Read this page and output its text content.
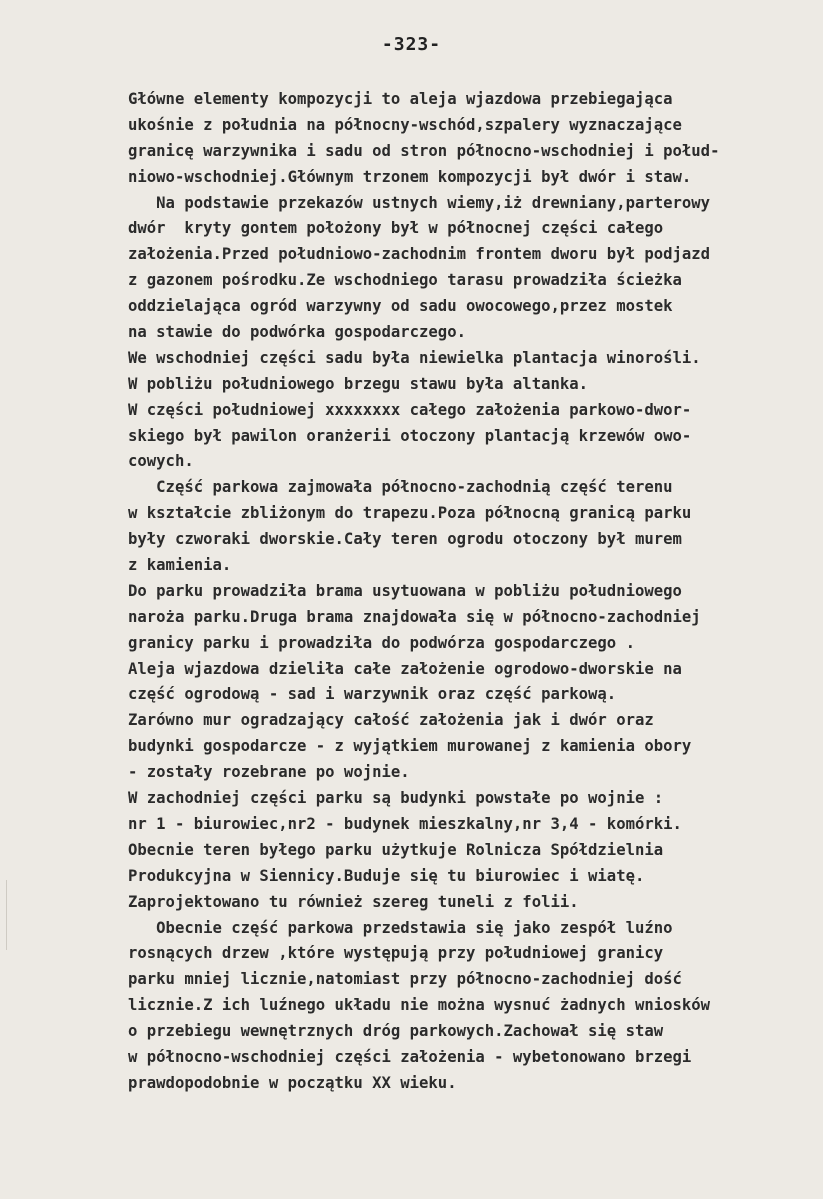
-323-
Główne elementy kompozycji to aleja wjazdowa przebiegająca
ukośnie z południa na północny-wschód,szpalery wyznaczające
granicę warzywnika i sadu od stron północno-wschodniej i połud-
niowo-wschodniej.Głównym trzonem kompozycji był dwór i staw.
Na podstawie przekazów ustnych wiemy,iż drewniany,parterowy
dwór  kryty gontem położony był w północnej części całego
założenia.Przed południowo-zachodnim frontem dworu był podjazd
z gazonem pośrodku.Ze wschodniego tarasu prowadziła ścieżka
oddzielająca ogród warzywny od sadu owocowego,przez mostek
na stawie do podwórka gospodarczego.
We wschodniej części sadu była niewielka plantacja winorośli.
W pobliżu południowego brzegu stawu była altanka.
W części południowej xxxxxxxx całego założenia parkowo-dwor-
skiego był pawilon oranżerii otoczony plantacją krzewów owo-
cowych.
Część parkowa zajmowała północno-zachodnią część terenu
w kształcie zbliżonym do trapezu.Poza północną granicą parku
były czworaki dworskie.Cały teren ogrodu otoczony był murem
z kamienia.
Do parku prowadziła brama usytuowana w pobliżu południowego
naroża parku.Druga brama znajdowała się w północno-zachodniej
granicy parku i prowadziła do podwórza gospodarczego .
Aleja wjazdowa dzieliła całe założenie ogrodowo-dworskie na
część ogrodową - sad i warzywnik oraz część parkową.
Zarówno mur ogradzający całość założenia jak i dwór oraz
budynki gospodarcze - z wyjątkiem murowanej z kamienia obory
- zostały rozebrane po wojnie.
W zachodniej części parku są budynki powstałe po wojnie :
nr 1 - biurowiec,nr2 - budynek mieszkalny,nr 3,4 - komórki.
Obecnie teren byłego parku użytkuje Rolnicza Spółdzielnia
Produkcyjna w Siennicy.Buduje się tu biurowiec i wiatę.
Zaprojektowano tu również szereg tuneli z folii.
Obecnie część parkowa przedstawia się jako zespół luźno
rosnących drzew ,które występują przy południowej granicy
parku mniej licznie,natomiast przy północno-zachodniej dość
licznie.Z ich luźnego układu nie można wysnuć żadnych wniosków
o przebiegu wewnętrznych dróg parkowych.Zachował się staw
w północno-wschodniej części założenia - wybetonowano brzegi
prawdopodobnie w początku XX wieku.
